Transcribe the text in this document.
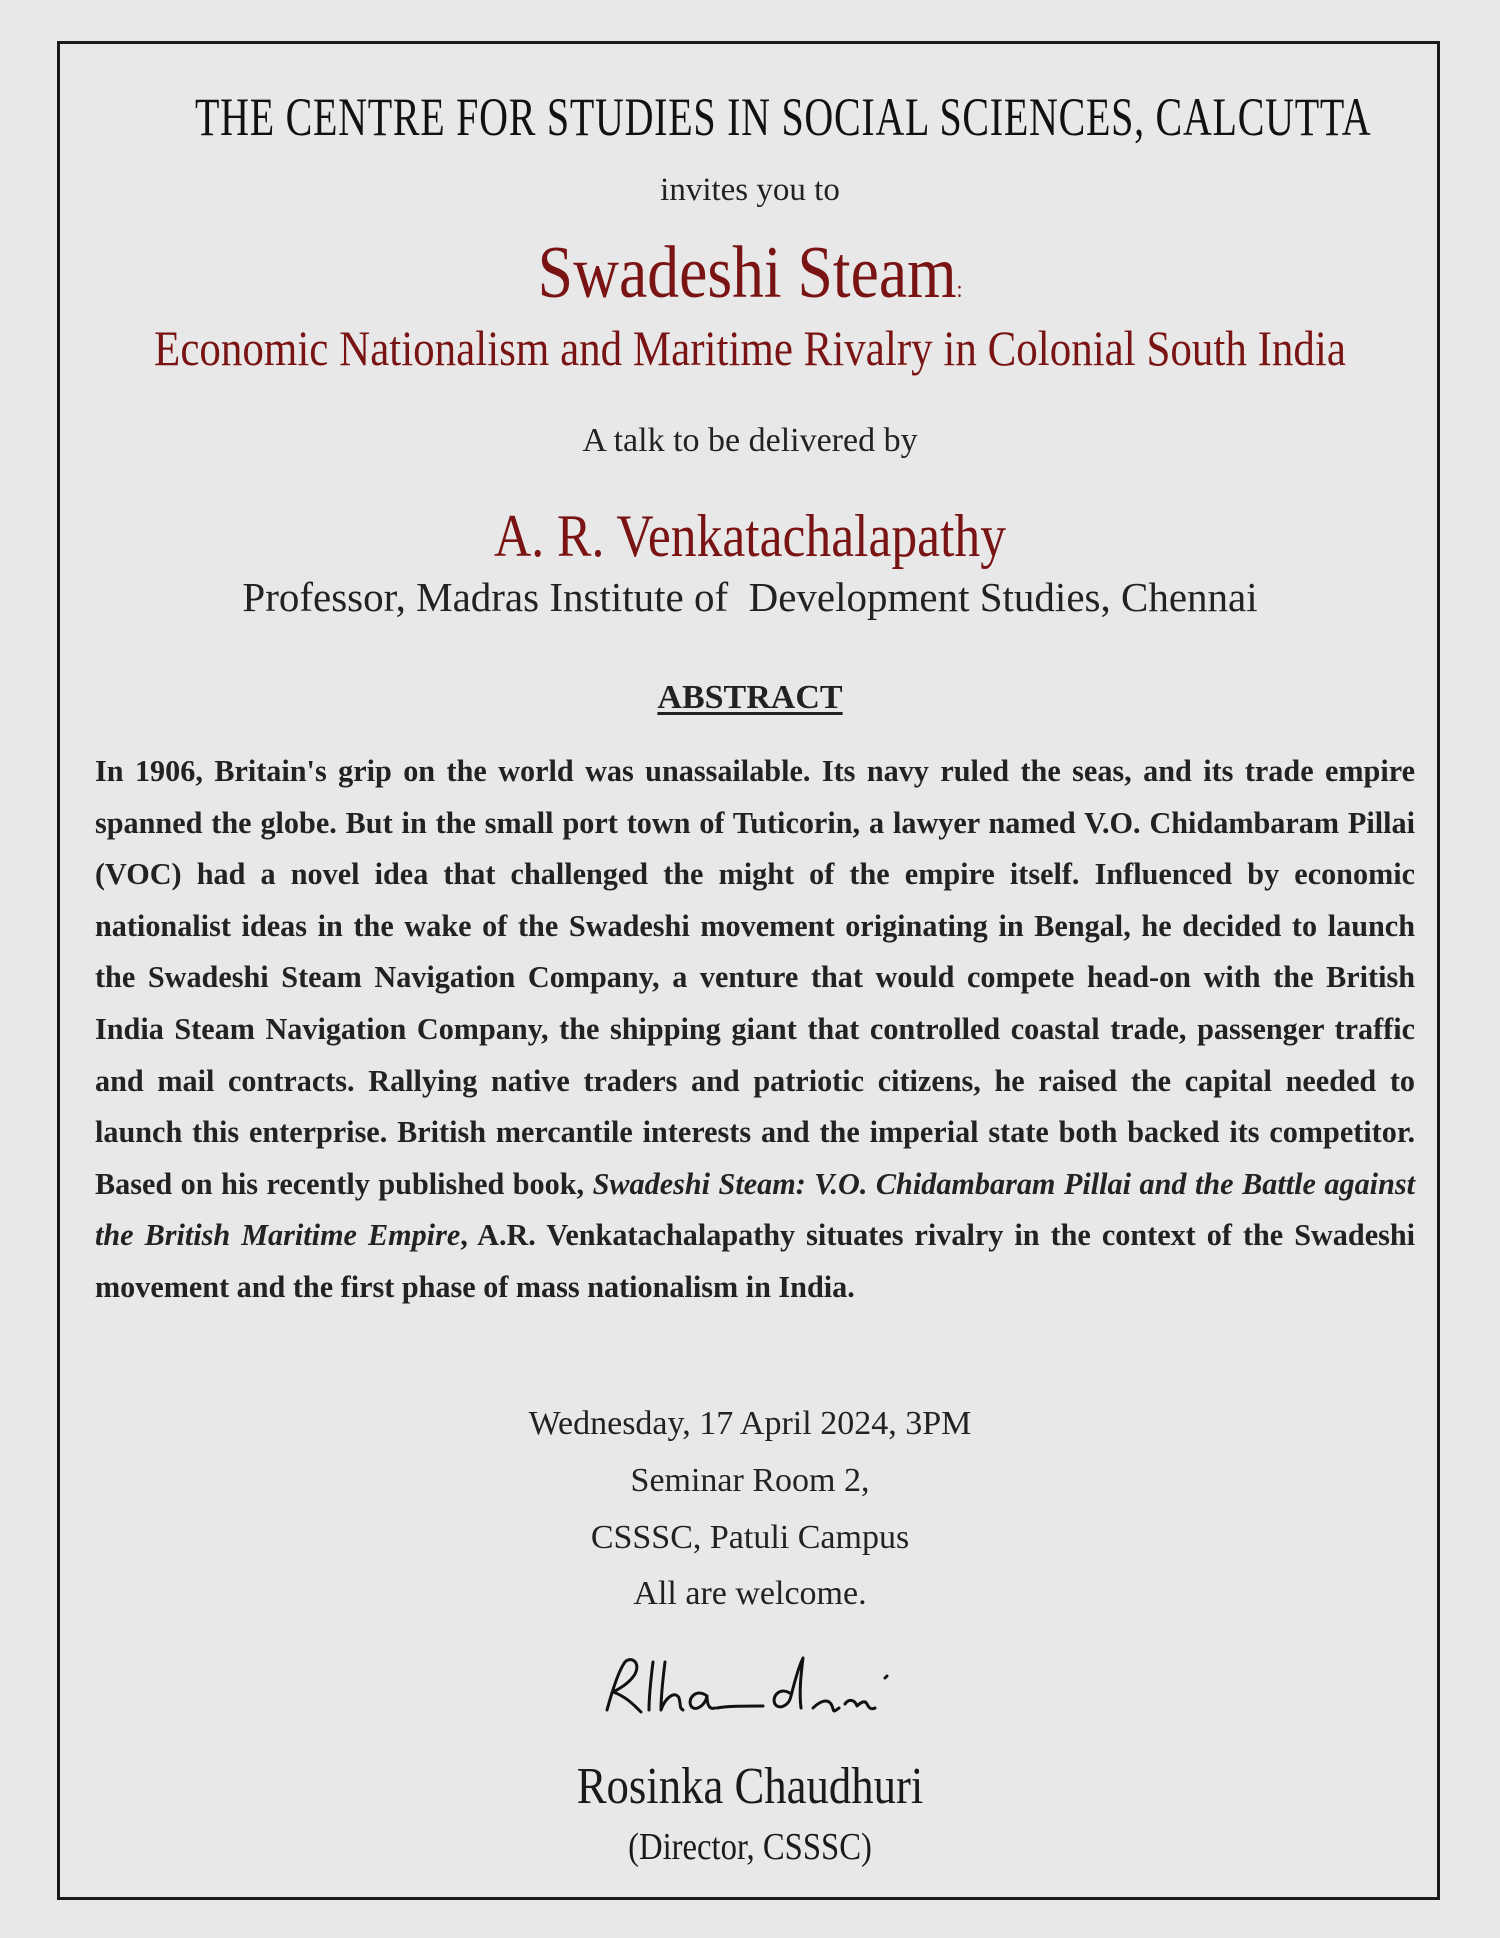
THE CENTRE FOR STUDIES IN SOCIAL SCIENCES, CALCUTTA

invites you to

Swadeshi Steam:

Economic Nationalism and Maritime Rivalry in Colonial South India

A talk to be delivered by

A. R. Venkatachalapathy

Professor, Madras Institute of  Development Studies, Chennai

ABSTRACT

In 1906, Britain's grip on the world was unassailable. Its navy ruled the seas, and its trade empire spanned the globe. But in the small port town of Tuticorin, a lawyer named V.O. Chidambaram Pillai (VOC) had a novel idea that challenged the might of the empire itself. Influenced by economic nationalist ideas in the wake of the Swadeshi movement originating in Bengal, he decided to launch the Swadeshi Steam Navigation Company, a venture that would compete head-on with the British India Steam Navigation Company, the shipping giant that controlled coastal trade, passenger traffic and mail contracts. Rallying native traders and patriotic citizens, he raised the capital needed to launch this enterprise. British mercantile interests and the imperial state both backed its competitor. Based on his recently published book, Swadeshi Steam: V.O. Chidambaram Pillai and the Battle against the British Maritime Empire, A.R. Venkatachalapathy situates rivalry in the context of the Swadeshi movement and the first phase of mass nationalism in India.

Wednesday, 17 April 2024, 3PM

Seminar Room 2,

CSSSC, Patuli Campus

All are welcome.

Rosinka Chaudhuri

(Director, CSSSC)
